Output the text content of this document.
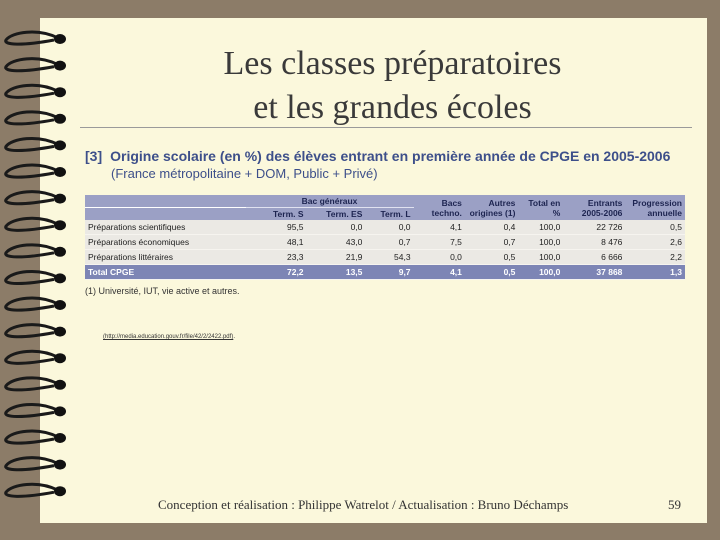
Les classes préparatoires
et les grandes écoles
[3] Origine scolaire (en %) des élèves entrant en première année de CPGE en 2005-2006
(France métropolitaine + DOM, Public + Privé)
	Bac généraux			Bacs techno.	Autres origines (1)	Total en %	Entrants 2005-2006	Progression annuelle
	Term. S	Term. ES	Term. L					
Préparations scientifiques	95,5	0,0	0,0	4,1	0,4	100,0	22 726	0,5
Préparations économiques	48,1	43,0	0,7	7,5	0,7	100,0	8 476	2,6
Préparations littéraires	23,3	21,9	54,3	0,0	0,5	100,0	6 666	2,2
Total CPGE	72,2	13,5	9,7	4,1	0,5	100,0	37 868	1,3
(1) Université, IUT, vie active et autres.
(http://media.education.gouv.fr/file/42/2/2422.pdf).
Conception et réalisation : Philippe Watrelot / Actualisation : Bruno Déchamps	59
